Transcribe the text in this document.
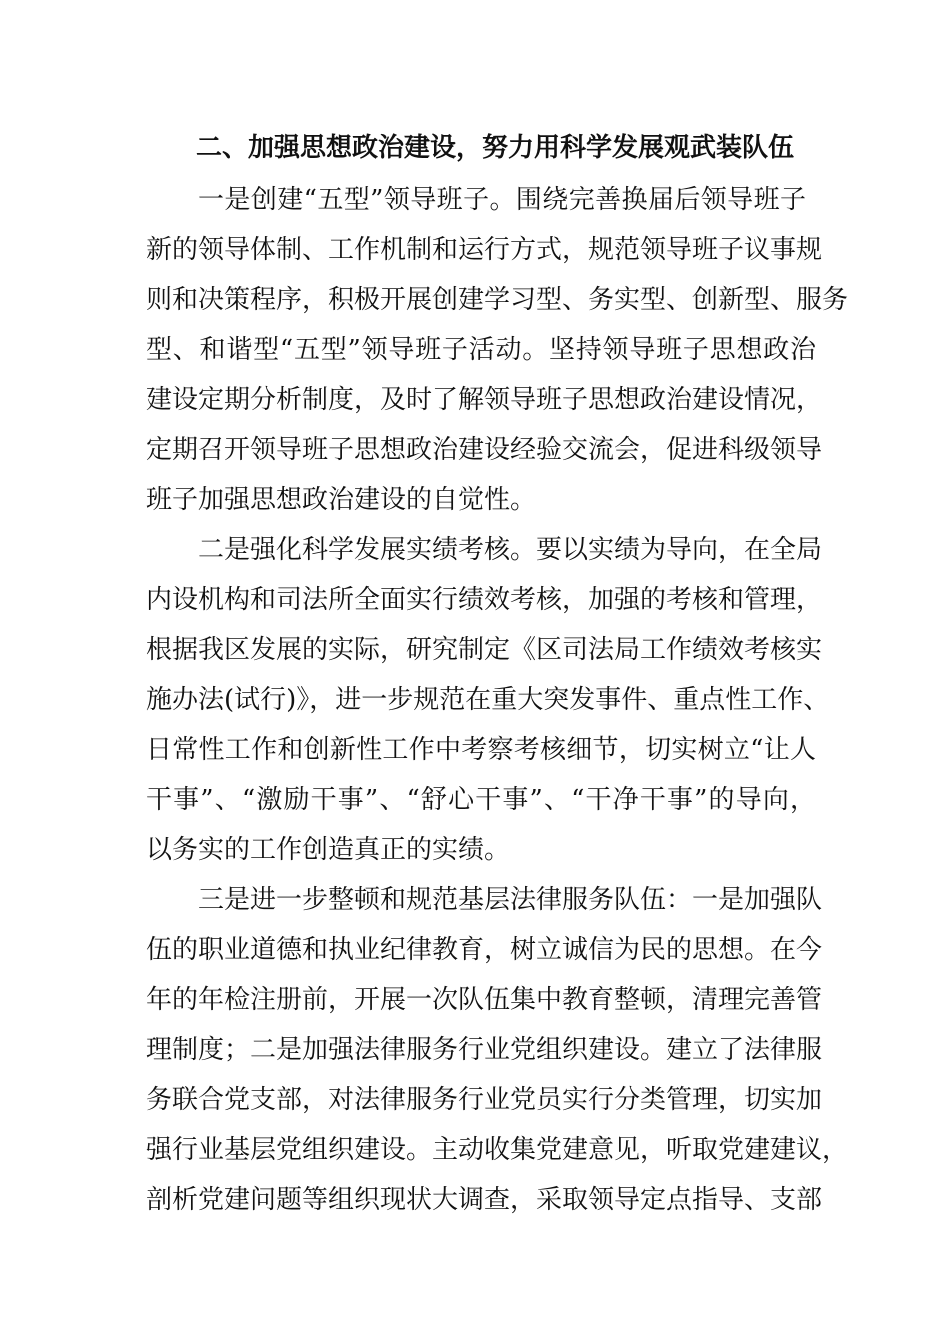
二、加强思想政治建设，努力用科学发展观武装队伍
一是创建“五型”领导班子。围绕完善换届后领导班子
新的领导体制、工作机制和运行方式，规范领导班子议事规
则和决策程序，积极开展创建学习型、务实型、创新型、服务
型、和谐型“五型”领导班子活动。坚持领导班子思想政治
建设定期分析制度，及时了解领导班子思想政治建设情况，
定期召开领导班子思想政治建设经验交流会，促进科级领导
班子加强思想政治建设的自觉性。
二是强化科学发展实绩考核。要以实绩为导向，在全局
内设机构和司法所全面实行绩效考核，加强的考核和管理，
根据我区发展的实际，研究制定《区司法局工作绩效考核实
施办法(试行)》，进一步规范在重大突发事件、重点性工作、
日常性工作和创新性工作中考察考核细节，切实树立“让人
干事”、“激励干事”、“舒心干事”、“干净干事”的导向，
以务实的工作创造真正的实绩。
三是进一步整顿和规范基层法律服务队伍：一是加强队
伍的职业道德和执业纪律教育，树立诚信为民的思想。在今
年的年检注册前，开展一次队伍集中教育整顿，清理完善管
理制度；二是加强法律服务行业党组织建设。建立了法律服
务联合党支部，对法律服务行业党员实行分类管理，切实加
强行业基层党组织建设。主动收集党建意见，听取党建建议，
剖析党建问题等组织现状大调查，采取领导定点指导、支部
